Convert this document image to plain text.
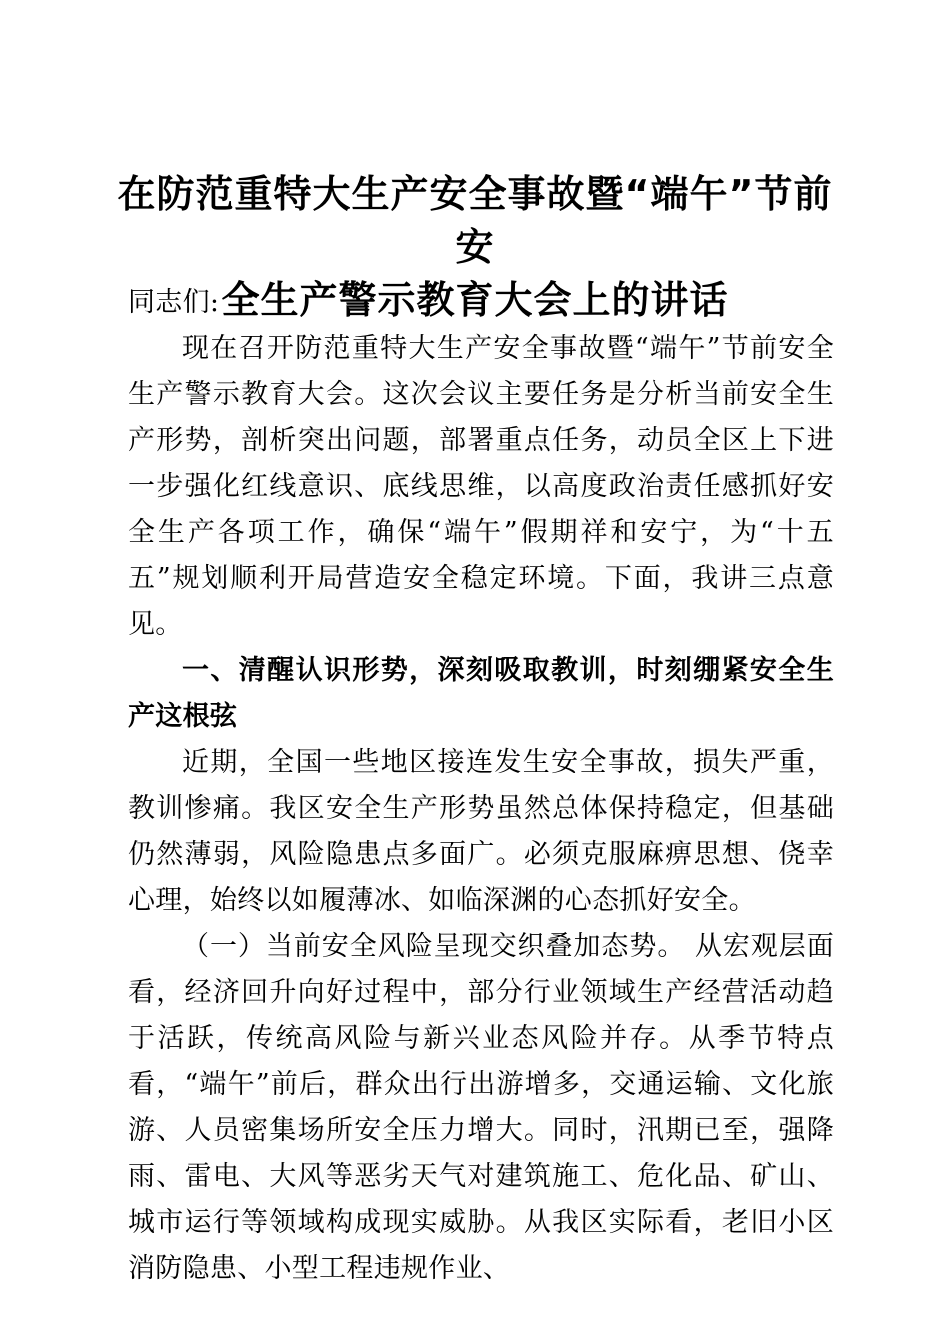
在防范重特大生产安全事故暨“端午”节前安
全生产警示教育大会上的讲话

同志们:

现在召开防范重特大生产安全事故暨“端午”节前安全生产警示教育大会。这次会议主要任务是分析当前安全生产形势，剖析突出问题，部署重点任务，动员全区上下进一步强化红线意识、底线思维，以高度政治责任感抓好安全生产各项工作，确保“端午”假期祥和安宁，为“十五五”规划顺利开局营造安全稳定环境。下面，我讲三点意见。

一、清醒认识形势，深刻吸取教训，时刻绷紧安全生产这根弦

近期，全国一些地区接连发生安全事故，损失严重，教训惨痛。我区安全生产形势虽然总体保持稳定，但基础仍然薄弱，风险隐患点多面广。必须克服麻痹思想、侥幸心理，始终以如履薄冰、如临深渊的心态抓好安全。

（一）当前安全风险呈现交织叠加态势。 从宏观层面看，经济回升向好过程中，部分行业领域生产经营活动趋于活跃，传统高风险与新兴业态风险并存。从季节特点看，“端午”前后，群众出行出游增多，交通运输、文化旅游、人员密集场所安全压力增大。同时，汛期已至，强降雨、雷电、大风等恶劣天气对建筑施工、危化品、矿山、城市运行等领域构成现实威胁。从我区实际看，老旧小区消防隐患、小型工程违规作业、
